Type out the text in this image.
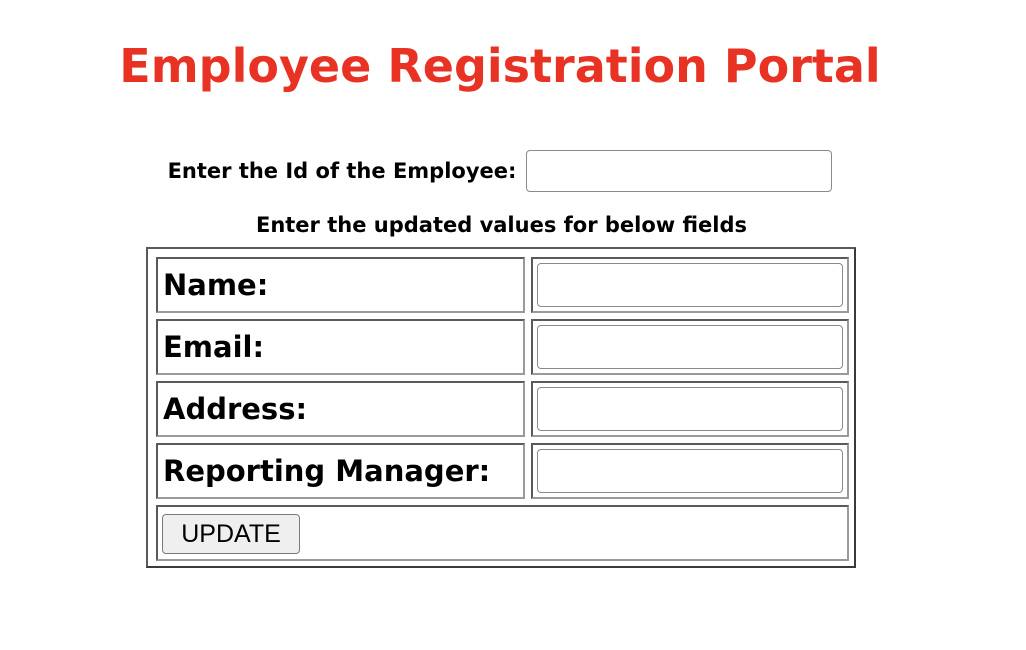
Employee Registration Portal
Enter the Id of the Employee:
Enter the updated values for below fields
Name:
Email:
Address:
Reporting Manager:
UPDATE
